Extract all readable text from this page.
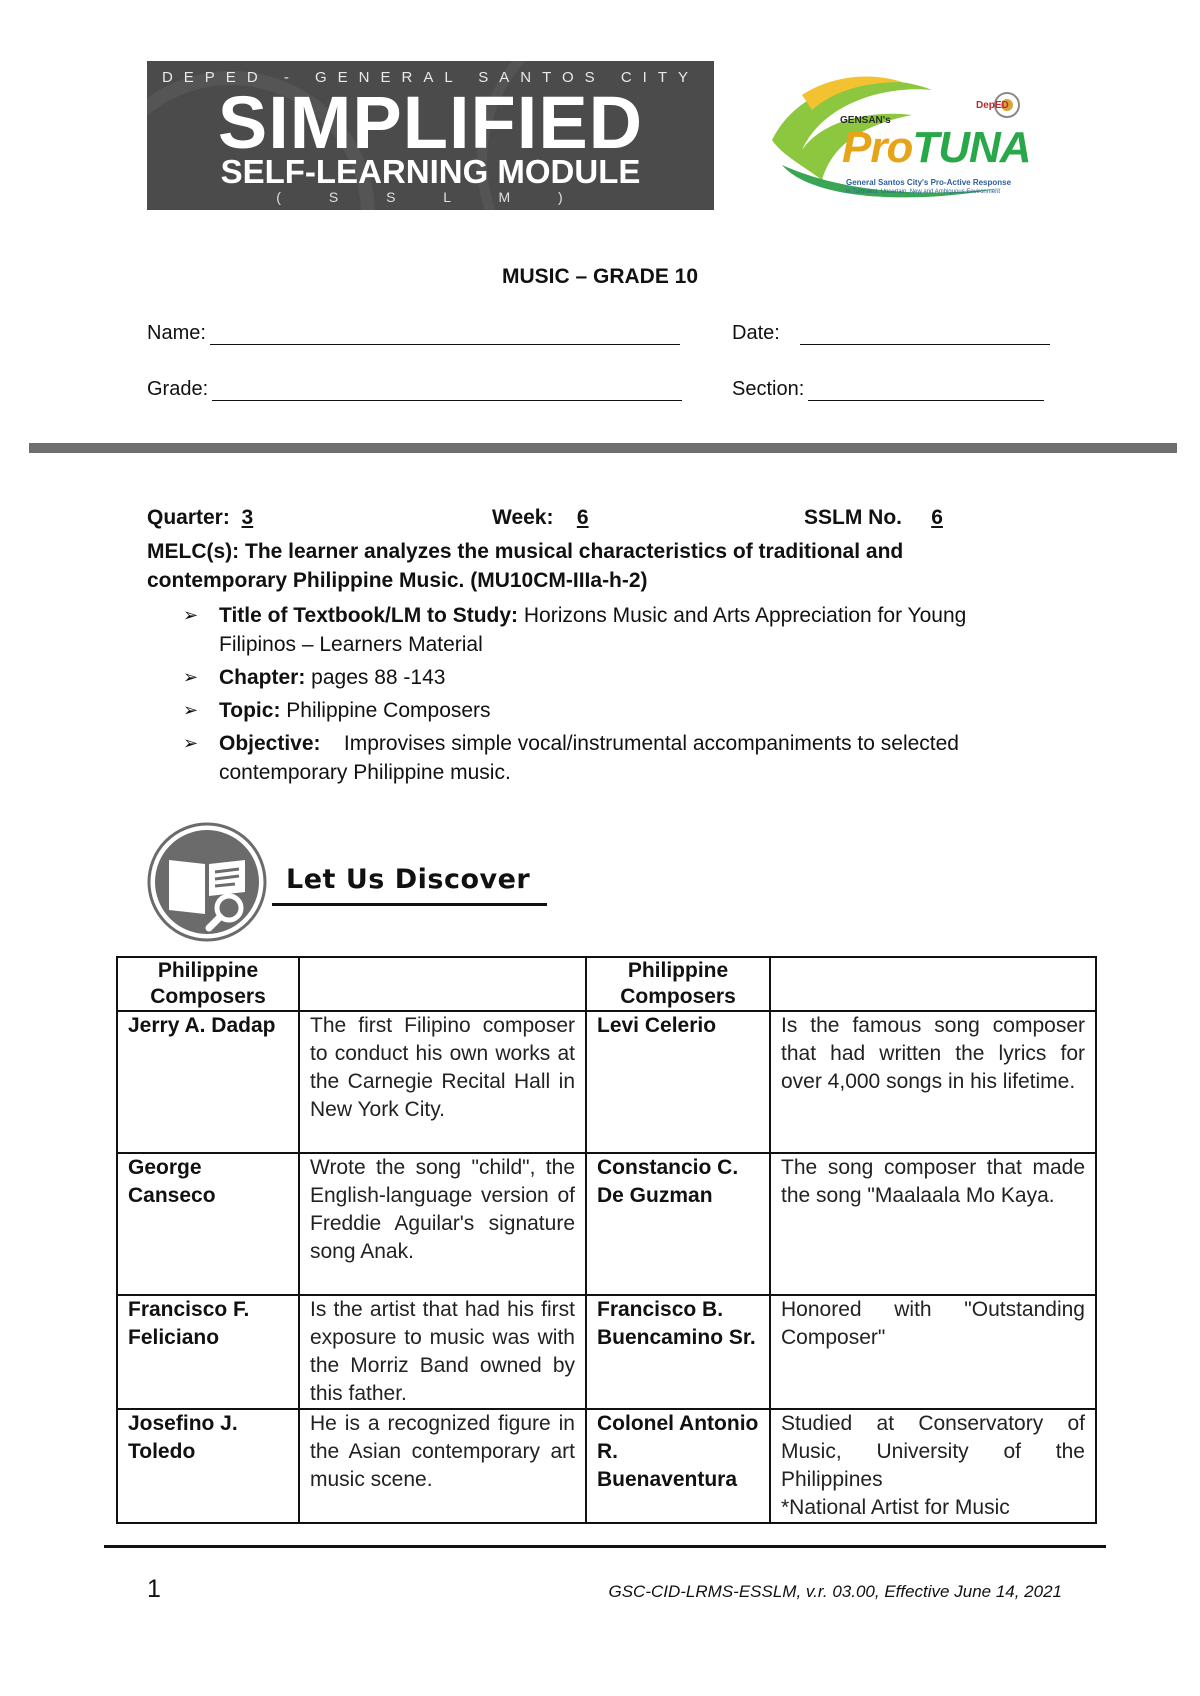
DEPED - GENERAL SANTOS CITY
SIMPLIFIED
SELF-LEARNING MODULE
( S S L M )
GENSAN's
ProTUNA
DepED
General Santos City's Pro-Active Response
in Turbulent, Uncertain, New and Ambiguous Environment
MUSIC – GRADE 10
Name:	Date:
Grade:	Section:
Quarter: 3	Week: 6	SSLM No. 6
MELC(s): The learner analyzes the musical characteristics of traditional and contemporary Philippine Music. (MU10CM-IIIa-h-2)
➢ Title of Textbook/LM to Study: Horizons Music and Arts Appreciation for Young Filipinos – Learners Material
➢ Chapter: pages 88 -143
➢ Topic: Philippine Composers
➢ Objective:    Improvises simple vocal/instrumental accompaniments to selected contemporary Philippine music.
Let Us Discover
Philippine Composers		Philippine Composers	
Jerry A. Dadap	The first Filipino composer to conduct his own works at the Carnegie Recital Hall in New York City.	Levi Celerio	Is the famous song composer that had written the lyrics for over 4,000 songs in his lifetime.
George Canseco	Wrote the song "child", the English-language version of Freddie Aguilar's signature song Anak.	Constancio C. De Guzman	The song composer that made the song "Maalaala Mo Kaya.
Francisco F. Feliciano	Is the artist that had his first exposure to music was with the Morriz Band owned by this father.	Francisco B. Buencamino Sr.	Honored with "Outstanding Composer"
Josefino J. Toledo	He is a recognized figure in the Asian contemporary art music scene.	Colonel Antonio R. Buenaventura	Studied at Conservatory of Music, University of the Philippines
*National Artist for Music
1	GSC-CID-LRMS-ESSLM, v.r. 03.00, Effective June 14, 2021
